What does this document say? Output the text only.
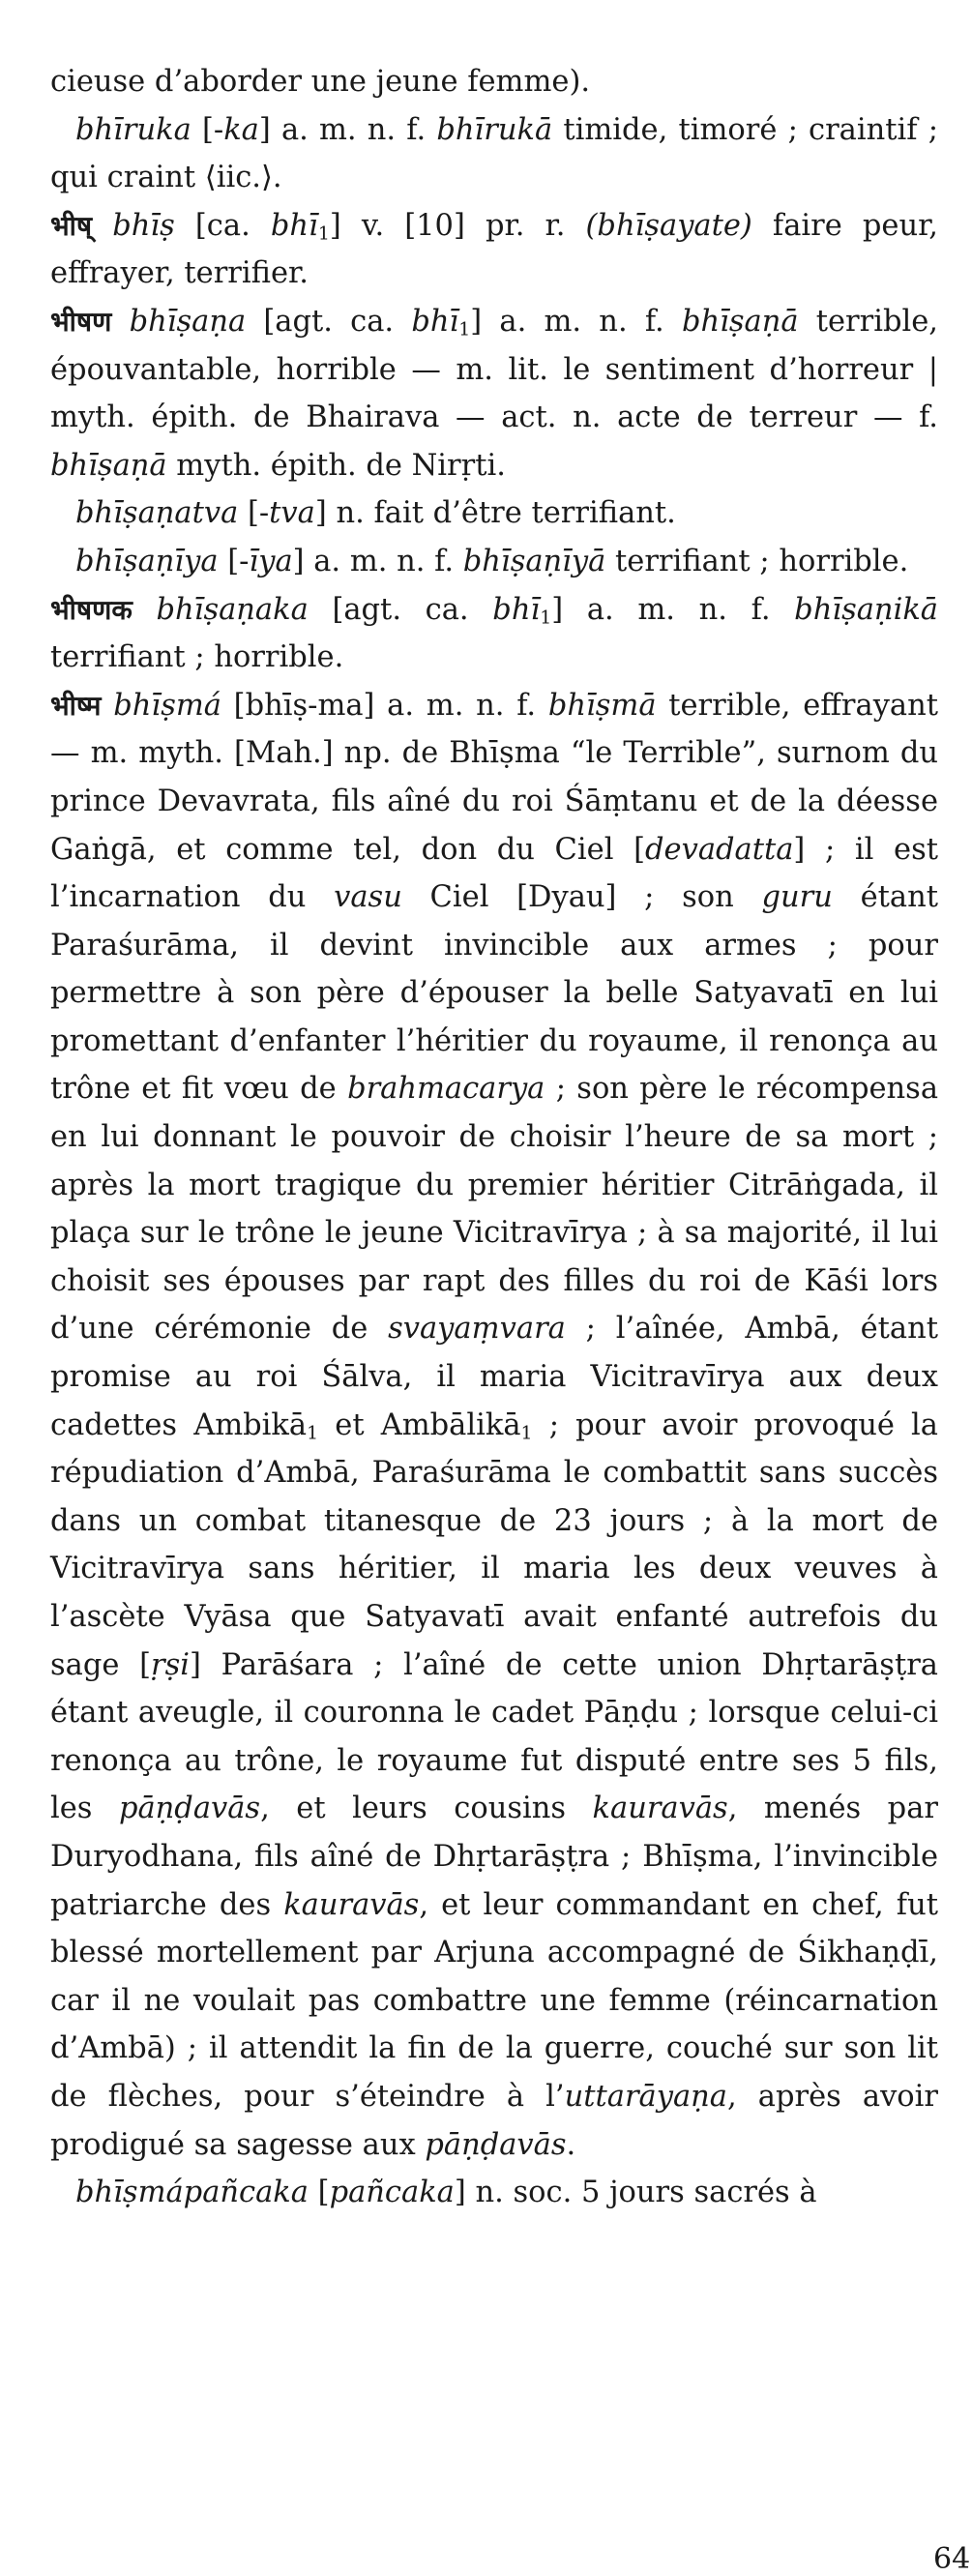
cieuse d’aborder une jeune femme).

bhīruka [-ka] a. m. n. f. bhīrukā timide, timoré ; craintif ; qui craint ⟨iic.⟩.

भीष् bhīṣ [ca. bhī$_1$] v. [10] pr. r. (bhīṣayate) faire peur, effrayer, terrifier.

भीषण bhīṣaṇa [agt. ca. bhī$_1$] a. m. n. f. bhīṣaṇā terrible, épouvantable, horrible — m. lit. le sentiment d’horreur | myth. épith. de Bhairava — act. n. acte de terreur — f. bhīṣaṇā myth. épith. de Nirṛti.

bhīṣaṇatva [-tva] n. fait d’être terrifiant.

bhīṣaṇīya [-īya] a. m. n. f. bhīṣaṇīyā terrifiant ; horrible.

भीषणक bhīṣaṇaka [agt. ca. bhī$_1$] a. m. n. f. bhīṣaṇikā terrifiant ; horrible.

भीष्म bhīṣmá [bhīṣ-ma] a. m. n. f. bhīṣmā terrible, effrayant — m. myth. [Mah.] np. de Bhīṣma “le Terrible”, surnom du prince Devavrata, fils aîné du roi Śāṃtanu et de la déesse Gaṅgā, et comme tel, don du Ciel [devadatta] ; il est l’incarnation du vasu Ciel [Dyau] ; son guru étant Paraśurāma, il devint invincible aux armes ; pour permettre à son père d’épouser la belle Satyavatī en lui promettant d’enfanter l’héritier du royaume, il renonça au trône et fit vœu de brahmacarya ; son père le récompensa en lui donnant le pouvoir de choisir l’heure de sa mort ; après la mort tragique du premier héritier Citrāṅgada, il plaça sur le trône le jeune Vicitravīrya ; à sa majorité, il lui choisit ses épouses par rapt des filles du roi de Kāśi lors d’une cérémonie de svayaṃvara ; l’aînée, Ambā, étant promise au roi Śālva, il maria Vicitravīrya aux deux cadettes Ambikā$_1$ et Ambālikā$_1$ ; pour avoir provoqué la répudiation d’Ambā, Paraśurāma le combattit sans succès dans un combat titanesque de 23 jours ; à la mort de Vicitravīrya sans héritier, il maria les deux veuves à l’ascète Vyāsa que Satyavatī avait enfanté autrefois du sage [ṛṣi] Parāśara ; l’aîné de cette union Dhṛtarāṣṭra étant aveugle, il couronna le cadet Pāṇḍu ; lorsque celui-ci renonça au trône, le royaume fut disputé entre ses 5 fils, les pāṇḍavās, et leurs cousins kauravās, menés par Duryodhana, fils aîné de Dhṛtarāṣṭra ; Bhīṣma, l’invincible patriarche des kauravās, et leur commandant en chef, fut blessé mortellement par Arjuna accompagné de Śikhaṇḍī, car il ne voulait pas combattre une femme (réincarnation d’Ambā) ; il attendit la fin de la guerre, couché sur son lit de flèches, pour s’éteindre à l’uttarāyaṇa, après avoir prodigué sa sagesse aux pāṇḍavās.

bhīṣmápañcaka [pañcaka] n. soc. 5 jours sacrés à

64
